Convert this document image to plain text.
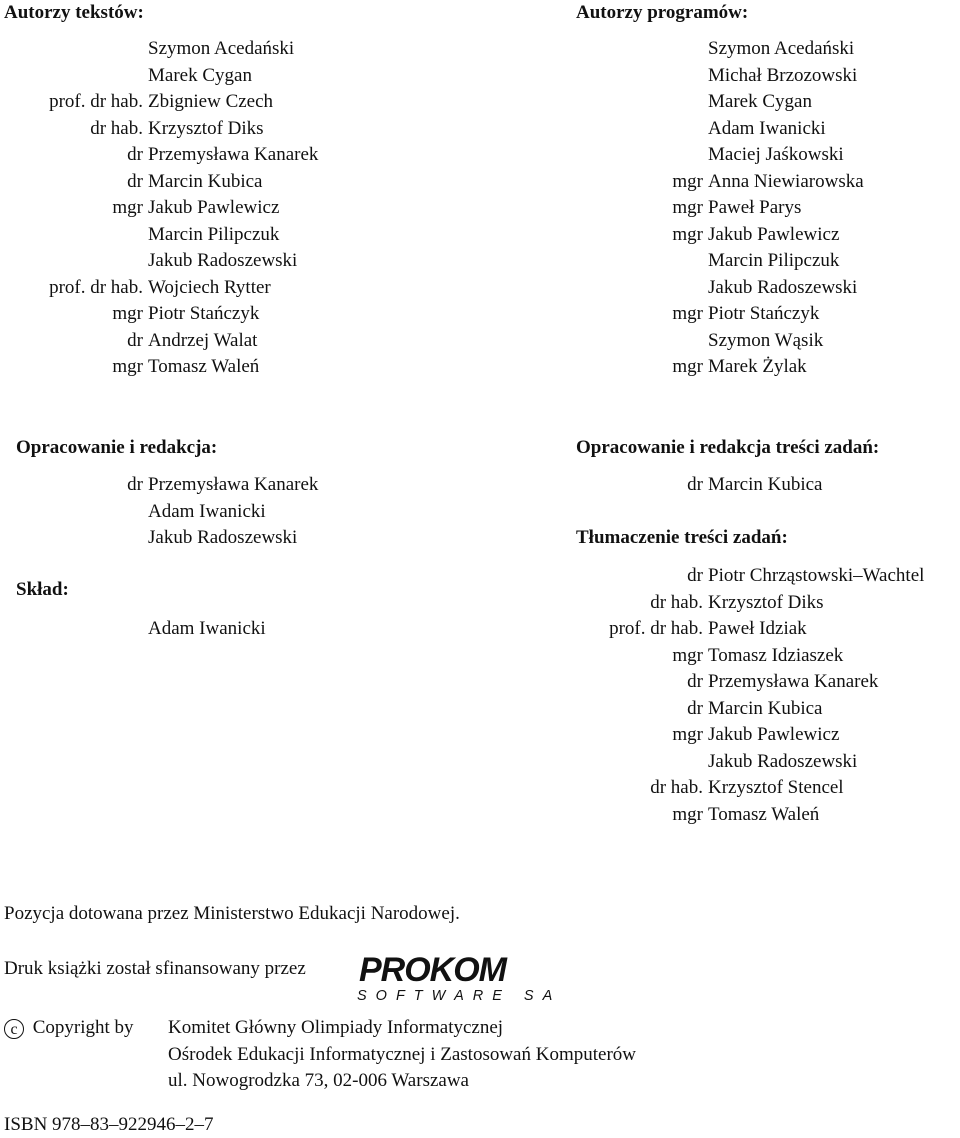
Autorzy tekstów:
Szymon Acedański
Marek Cygan
prof. dr hab. Zbigniew Czech
dr hab. Krzysztof Diks
dr Przemysława Kanarek
dr Marcin Kubica
mgr Jakub Pawlewicz
Marcin Pilipczuk
Jakub Radoszewski
prof. dr hab. Wojciech Rytter
mgr Piotr Stańczyk
dr Andrzej Walat
mgr Tomasz Waleń
Autorzy programów:
Szymon Acedański
Michał Brzozowski
Marek Cygan
Adam Iwanicki
Maciej Jaśkowski
mgr Anna Niewiarowska
mgr Paweł Parys
mgr Jakub Pawlewicz
Marcin Pilipczuk
Jakub Radoszewski
mgr Piotr Stańczyk
Szymon Wąsik
mgr Marek Żylak
Opracowanie i redakcja:
dr Przemysława Kanarek
Adam Iwanicki
Jakub Radoszewski
Skład:
Adam Iwanicki
Opracowanie i redakcja treści zadań:
dr Marcin Kubica
Tłumaczenie treści zadań:
dr Piotr Chrząstowski–Wachtel
dr hab. Krzysztof Diks
prof. dr hab. Paweł Idziak
mgr Tomasz Idziaszek
dr Przemysława Kanarek
dr Marcin Kubica
mgr Jakub Pawlewicz
Jakub Radoszewski
dr hab. Krzysztof Stencel
mgr Tomasz Waleń
Pozycja dotowana przez Ministerstwo Edukacji Narodowej.
Druk książki został sfinansowany przez PROKOM
SOFTWARE SA
c Copyright by Komitet Główny Olimpiady Informatycznej
Ośrodek Edukacji Informatycznej i Zastosowań Komputerów
ul. Nowogrodzka 73, 02-006 Warszawa
ISBN 978–83–922946–2–7
